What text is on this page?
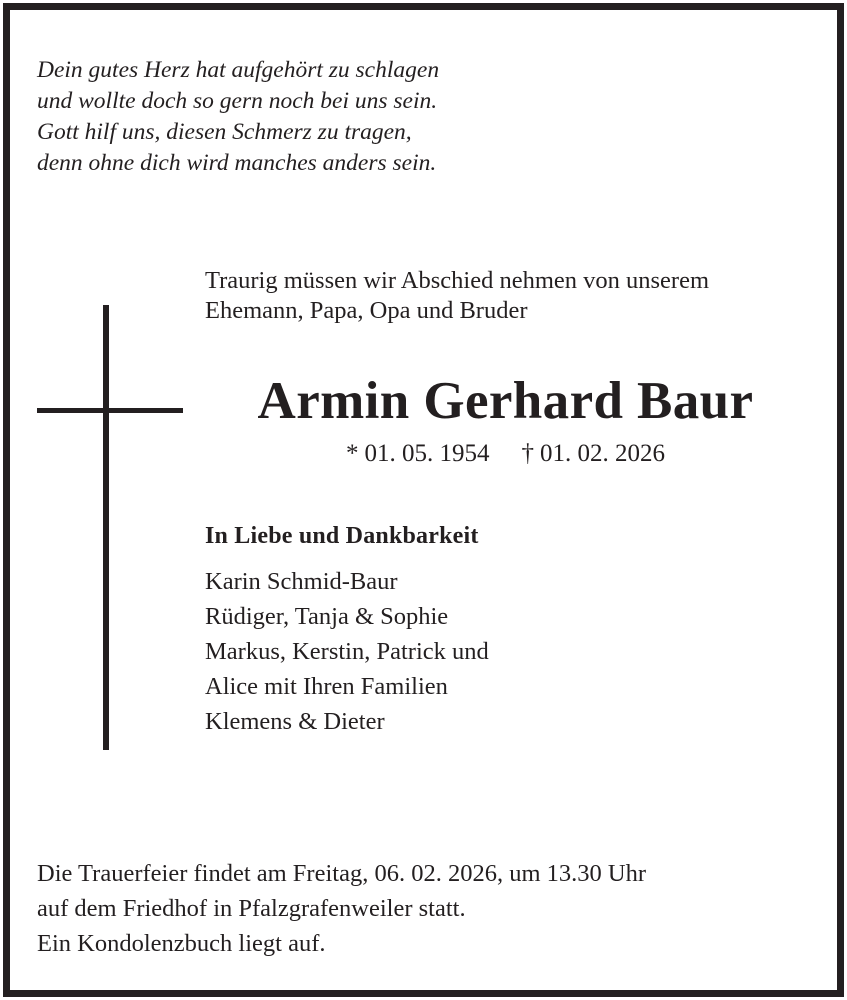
Dein gutes Herz hat aufgehört zu schlagen
und wollte doch so gern noch bei uns sein.
Gott hilf uns, diesen Schmerz zu tragen,
denn ohne dich wird manches anders sein.
Traurig müssen wir Abschied nehmen von unserem
Ehemann, Papa, Opa und Bruder
Armin Gerhard Baur
* 01. 05. 1954 † 01. 02. 2026
In Liebe und Dankbarkeit
Karin Schmid-Baur
Rüdiger, Tanja & Sophie
Markus, Kerstin, Patrick und
Alice mit Ihren Familien
Klemens & Dieter
Die Trauerfeier findet am Freitag, 06. 02. 2026, um 13.30 Uhr
auf dem Friedhof in Pfalzgrafenweiler statt.
Ein Kondolenzbuch liegt auf.
